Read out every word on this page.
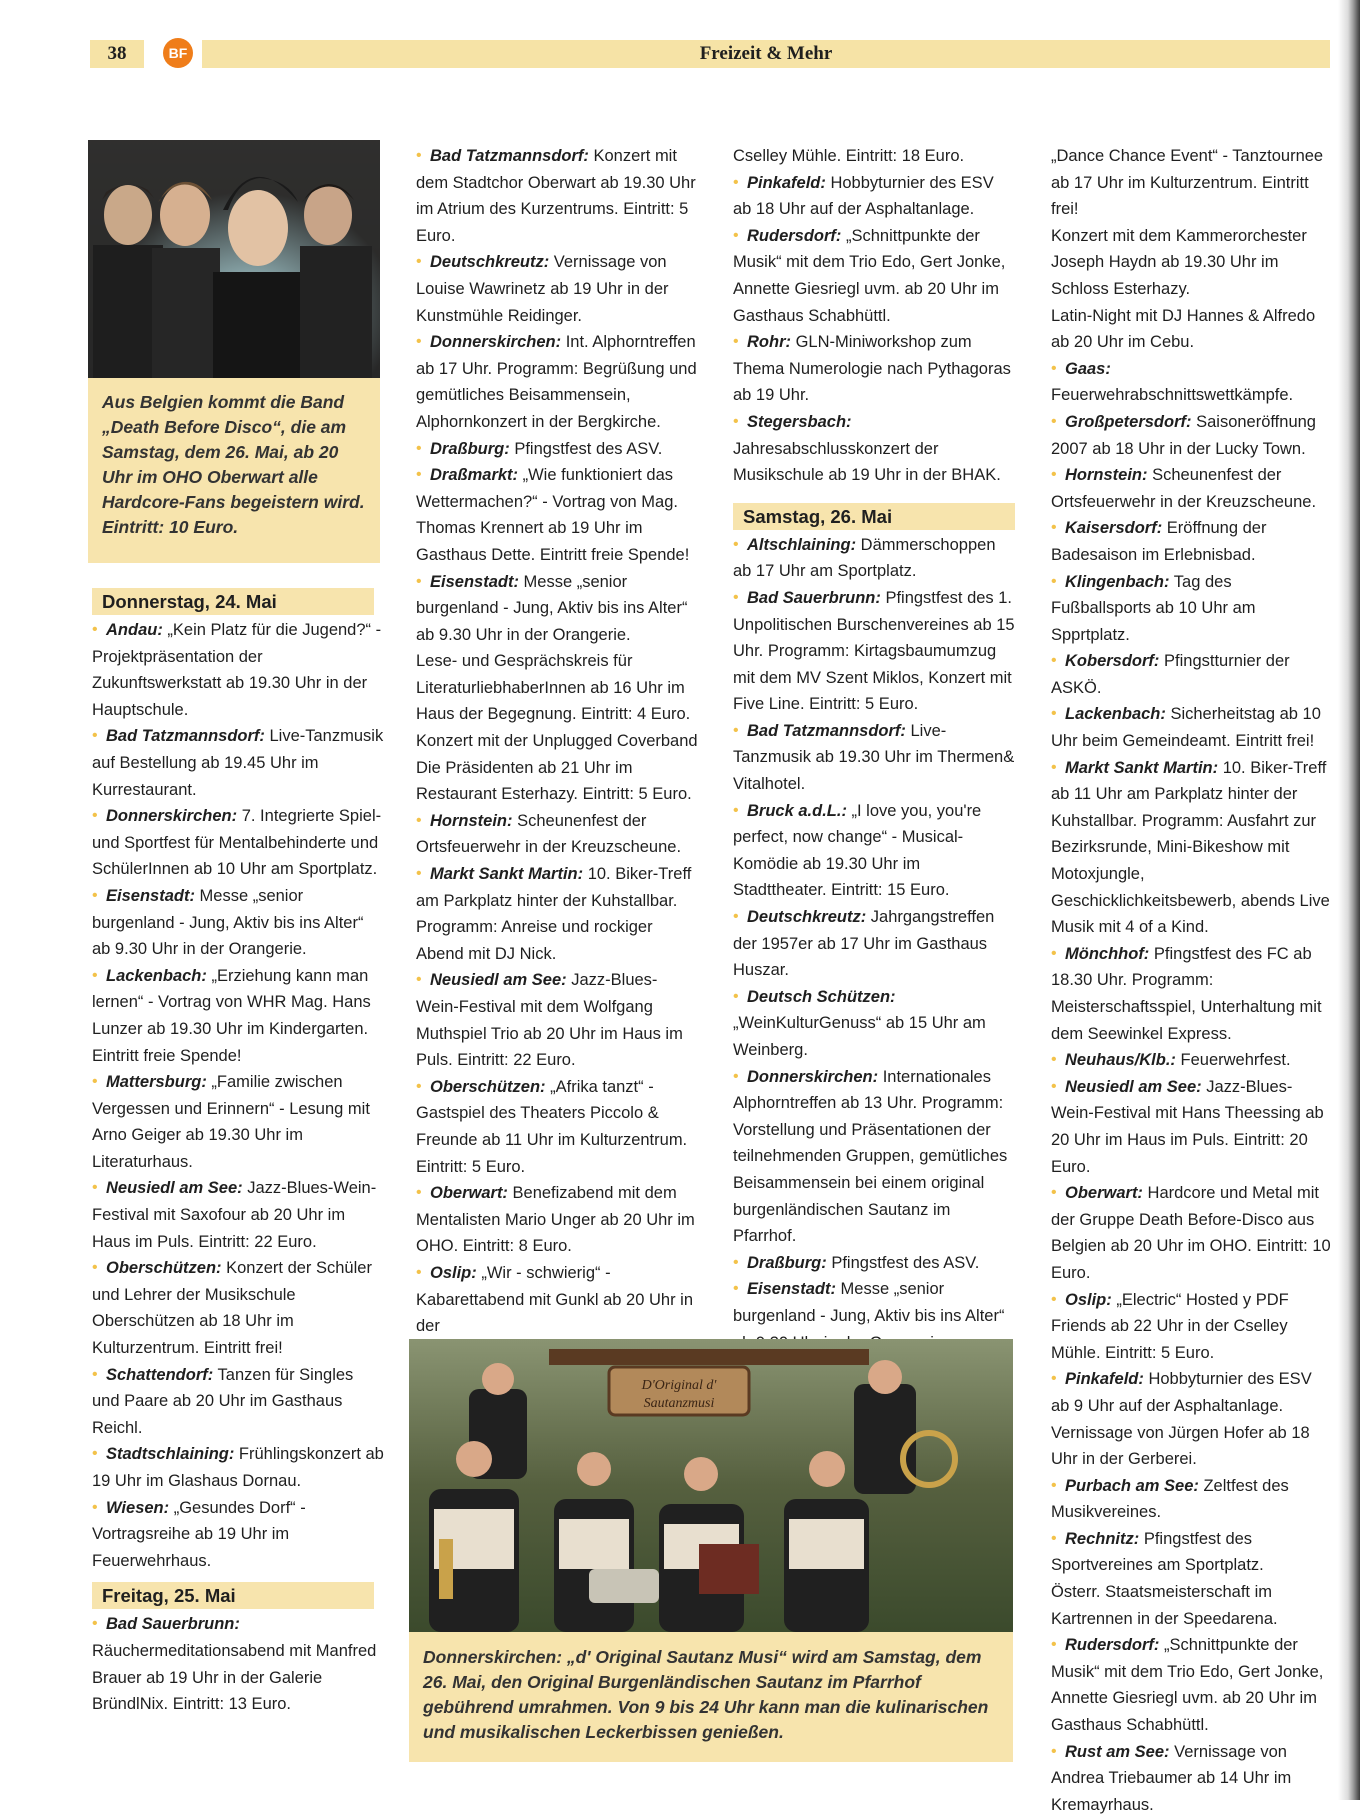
38	BF	Freizeit & Mehr
Aus Belgien kommt die Band „Death Before Disco“, die am Samstag, dem 26. Mai, ab 20 Uhr im OHO Oberwart alle Hardcore-Fans begeistern wird. Eintritt: 10 Euro.
Donnerstag, 24. Mai

• Andau: „Kein Platz für die Jugend?“ - Projektpräsentation der Zukunftswerkstatt ab 19.30 Uhr in der Hauptschule.

• Bad Tatzmannsdorf: Live-Tanzmusik auf Bestellung ab 19.45 Uhr im Kurrestaurant.

• Donnerskirchen: 7. Integrierte Spiel- und Sportfest für Mentalbehinderte und SchülerInnen ab 10 Uhr am Sportplatz.

• Eisenstadt: Messe „senior burgenland - Jung, Aktiv bis ins Alter“ ab 9.30 Uhr in der Orangerie.

• Lackenbach: „Erziehung kann man lernen“ - Vortrag von WHR Mag. Hans Lunzer ab 19.30 Uhr im Kindergarten. Eintritt freie Spende!

• Mattersburg: „Familie zwischen Vergessen und Erinnern“ - Lesung mit Arno Geiger ab 19.30 Uhr im Literaturhaus.

• Neusiedl am See: Jazz-Blues-Wein-Festival mit Saxofour ab 20 Uhr im Haus im Puls. Eintritt: 22 Euro.

• Oberschützen: Konzert der Schüler und Lehrer der Musikschule Oberschützen ab 18 Uhr im Kulturzentrum. Eintritt frei!

• Schattendorf: Tanzen für Singles und Paare ab 20 Uhr im Gasthaus Reichl.

• Stadtschlaining: Frühlingskonzert ab 19 Uhr im Glashaus Dornau.

• Wiesen: „Gesundes Dorf“ - Vortragsreihe ab 19 Uhr im Feuerwehrhaus.

Freitag, 25. Mai

• Bad Sauerbrunn: Räuchermeditationsabend mit Manfred Brauer ab 19 Uhr in der Galerie BründlNix. Eintritt: 13 Euro.

• Bad Tatzmannsdorf: Konzert mit dem Stadtchor Oberwart ab 19.30 Uhr im Atrium des Kurzentrums. Eintritt: 5 Euro.

• Deutschkreutz: Vernissage von Louise Wawrinetz ab 19 Uhr in der Kunstmühle Reidinger.

• Donnerskirchen: Int. Alphorntreffen ab 17 Uhr. Programm: Begrüßung und gemütliches Beisammensein, Alphornkonzert in der Bergkirche.

• Draßburg: Pfingstfest des ASV.

• Draßmarkt: „Wie funktioniert das Wettermachen?“ - Vortrag von Mag. Thomas Krennert ab 19 Uhr im Gasthaus Dette. Eintritt freie Spende!

• Eisenstadt: Messe „senior burgenland - Jung, Aktiv bis ins Alter“ ab 9.30 Uhr in der Orangerie.

Lese- und Gesprächskreis für LiteraturliebhaberInnen ab 16 Uhr im Haus der Begegnung. Eintritt: 4 Euro.

Konzert mit der Unplugged Coverband Die Präsidenten ab 21 Uhr im Restaurant Esterhazy. Eintritt: 5 Euro.

• Hornstein: Scheunenfest der Ortsfeuerwehr in der Kreuzscheune.

• Markt Sankt Martin: 10. Biker-Treff am Parkplatz hinter der Kuhstallbar. Programm: Anreise und rockiger Abend mit DJ Nick.

• Neusiedl am See: Jazz-Blues-Wein-Festival mit dem Wolfgang Muthspiel Trio ab 20 Uhr im Haus im Puls. Eintritt: 22 Euro.

• Oberschützen: „Afrika tanzt“ - Gastspiel des Theaters Piccolo & Freunde ab 11 Uhr im Kulturzentrum. Eintritt: 5 Euro.

• Oberwart: Benefizabend mit dem Mentalisten Mario Unger ab 20 Uhr im OHO. Eintritt: 8 Euro.

• Oslip: „Wir - schwierig“ - Kabarettabend mit Gunkl ab 20 Uhr in der

Cselley Mühle. Eintritt: 18 Euro.

• Pinkafeld: Hobbyturnier des ESV ab 18 Uhr auf der Asphaltanlage.

• Rudersdorf: „Schnittpunkte der Musik“ mit dem Trio Edo, Gert Jonke, Annette Giesriegl uvm. ab 20 Uhr im Gasthaus Schabhüttl.

• Rohr: GLN-Miniworkshop zum Thema Numerologie nach Pythagoras ab 19 Uhr.

• Stegersbach: Jahresabschlusskonzert der Musikschule ab 19 Uhr in der BHAK.

Samstag, 26. Mai

• Altschlaining: Dämmerschoppen ab 17 Uhr am Sportplatz.

• Bad Sauerbrunn: Pfingstfest des 1. Unpolitischen Burschenvereines ab 15 Uhr. Programm: Kirtagsbaumumzug mit dem MV Szent Miklos, Konzert mit Five Line. Eintritt: 5 Euro.

• Bad Tatzmannsdorf: Live-Tanzmusik ab 19.30 Uhr im Thermen& Vitalhotel.

• Bruck a.d.L.: „I love you, you're perfect, now change“ - Musical-Komödie ab 19.30 Uhr im Stadttheater. Eintritt: 15 Euro.

• Deutschkreutz: Jahrgangstreffen der 1957er ab 17 Uhr im Gasthaus Huszar.

• Deutsch Schützen: „WeinKulturGenuss“ ab 15 Uhr am Weinberg.

• Donnerskirchen: Internationales Alphorntreffen ab 13 Uhr. Programm: Vorstellung und Präsentationen der teilnehmenden Gruppen, gemütliches Beisammensein bei einem original burgenländischen Sautanz im Pfarrhof.

• Draßburg: Pfingstfest des ASV.

• Eisenstadt: Messe „senior burgenland - Jung, Aktiv bis ins Alter“

„Dance Chance Event“ - Tanztournee ab 17 Uhr im Kulturzentrum. Eintritt frei!

Konzert mit dem Kammerorchester Joseph Haydn ab 19.30 Uhr im Schloss Esterhazy.

Latin-Night mit DJ Hannes & Alfredo ab 20 Uhr im Cebu.

• Gaas: Feuerwehrabschnittswettkämpfe.

• Großpetersdorf: Saisoneröffnung 2007 ab 18 Uhr in der Lucky Town.

• Hornstein: Scheunenfest der Ortsfeuerwehr in der Kreuzscheune.

• Kaisersdorf: Eröffnung der Badesaison im Erlebnisbad.

• Klingenbach: Tag des Fußballsports ab 10 Uhr am Spprtplatz.

• Kobersdorf: Pfingstturnier der ASKÖ.

• Lackenbach: Sicherheitstag ab 10 Uhr beim Gemeindeamt. Eintritt frei!

• Markt Sankt Martin: 10. Biker-Treff ab 11 Uhr am Parkplatz hinter der Kuhstallbar. Programm: Ausfahrt zur Bezirksrunde, Mini-Bikeshow mit Motoxjungle, Geschicklichkeitsbewerb, abends Live Musik mit 4 of a Kind.

• Mönchhof: Pfingstfest des FC ab 18.30 Uhr. Programm: Meisterschaftsspiel, Unterhaltung mit dem Seewinkel Express.

• Neuhaus/Klb.: Feuerwehrfest.

• Neusiedl am See: Jazz-Blues-Wein-Festival mit Hans Theessing ab 20 Uhr im Haus im Puls. Eintritt: 20 Euro.

• Oberwart: Hardcore und Metal mit der Gruppe Death Before-Disco aus Belgien ab 20 Uhr im OHO. Eintritt: 10 Euro.

• Oslip: „Electric“ Hosted y PDF Friends ab 22 Uhr in der Cselley Mühle. Eintritt: 5 Euro.

• Pinkafeld: Hobbyturnier des ESV ab 9 Uhr auf der Asphaltanlage.

Vernissage von Jürgen Hofer ab 18 Uhr in der Gerberei.

• Purbach am See: Zeltfest des Musikvereines.

• Rechnitz: Pfingstfest des Sportvereines am Sportplatz.

Österr. Staatsmeisterschaft im Kartrennen in der Speedarena.

• Rudersdorf: „Schnittpunkte der Musik“ mit dem Trio Edo, Gert Jonke, Annette Giesriegl uvm. ab 20 Uhr im Gasthaus Schabhüttl.

• Rust am See: Vernissage von Andrea Triebaumer ab 14 Uhr im Kremayrhaus.

D'Original d'
Sautanzmusi
Donnerskirchen: „d' Original Sautanz Musi“ wird am Samstag, dem 26. Mai, den Original Burgenländischen Sautanz im Pfarrhof gebührend umrahmen. Von 9 bis 24 Uhr kann man die kulinarischen und musikalischen Leckerbissen genießen.
